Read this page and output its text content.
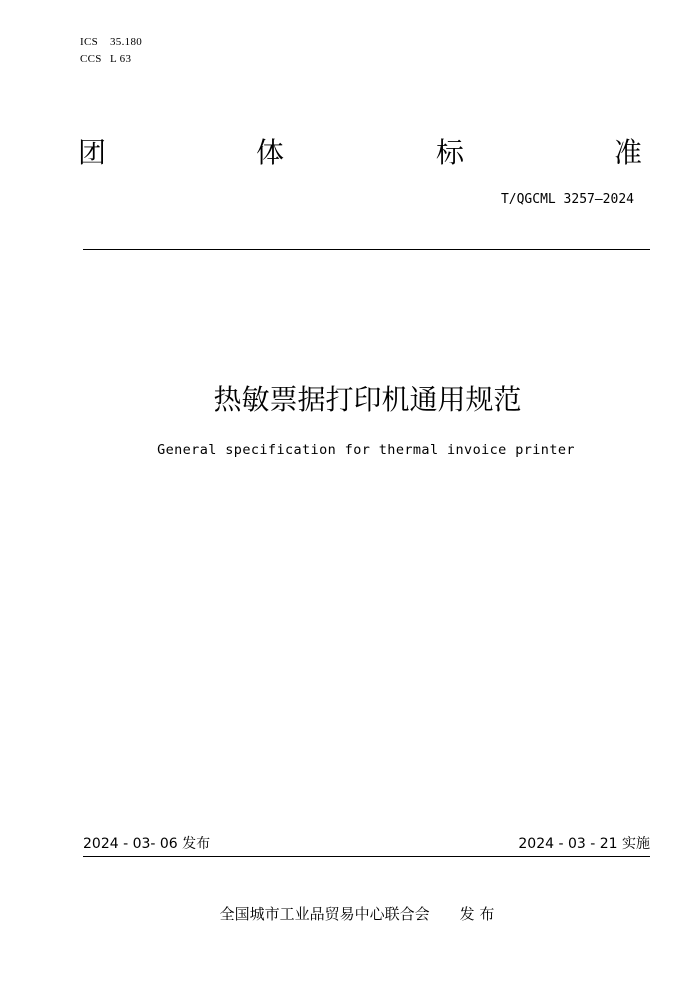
ICS 35.180
CCS L 63
团	体	标	准
T/QGCML 3257—2024
热敏票据打印机通用规范
General specification for thermal invoice printer
2024 - 03- 06 发布	2024 - 03 - 21 实施
全国城市工业品贸易中心联合会 发 布
